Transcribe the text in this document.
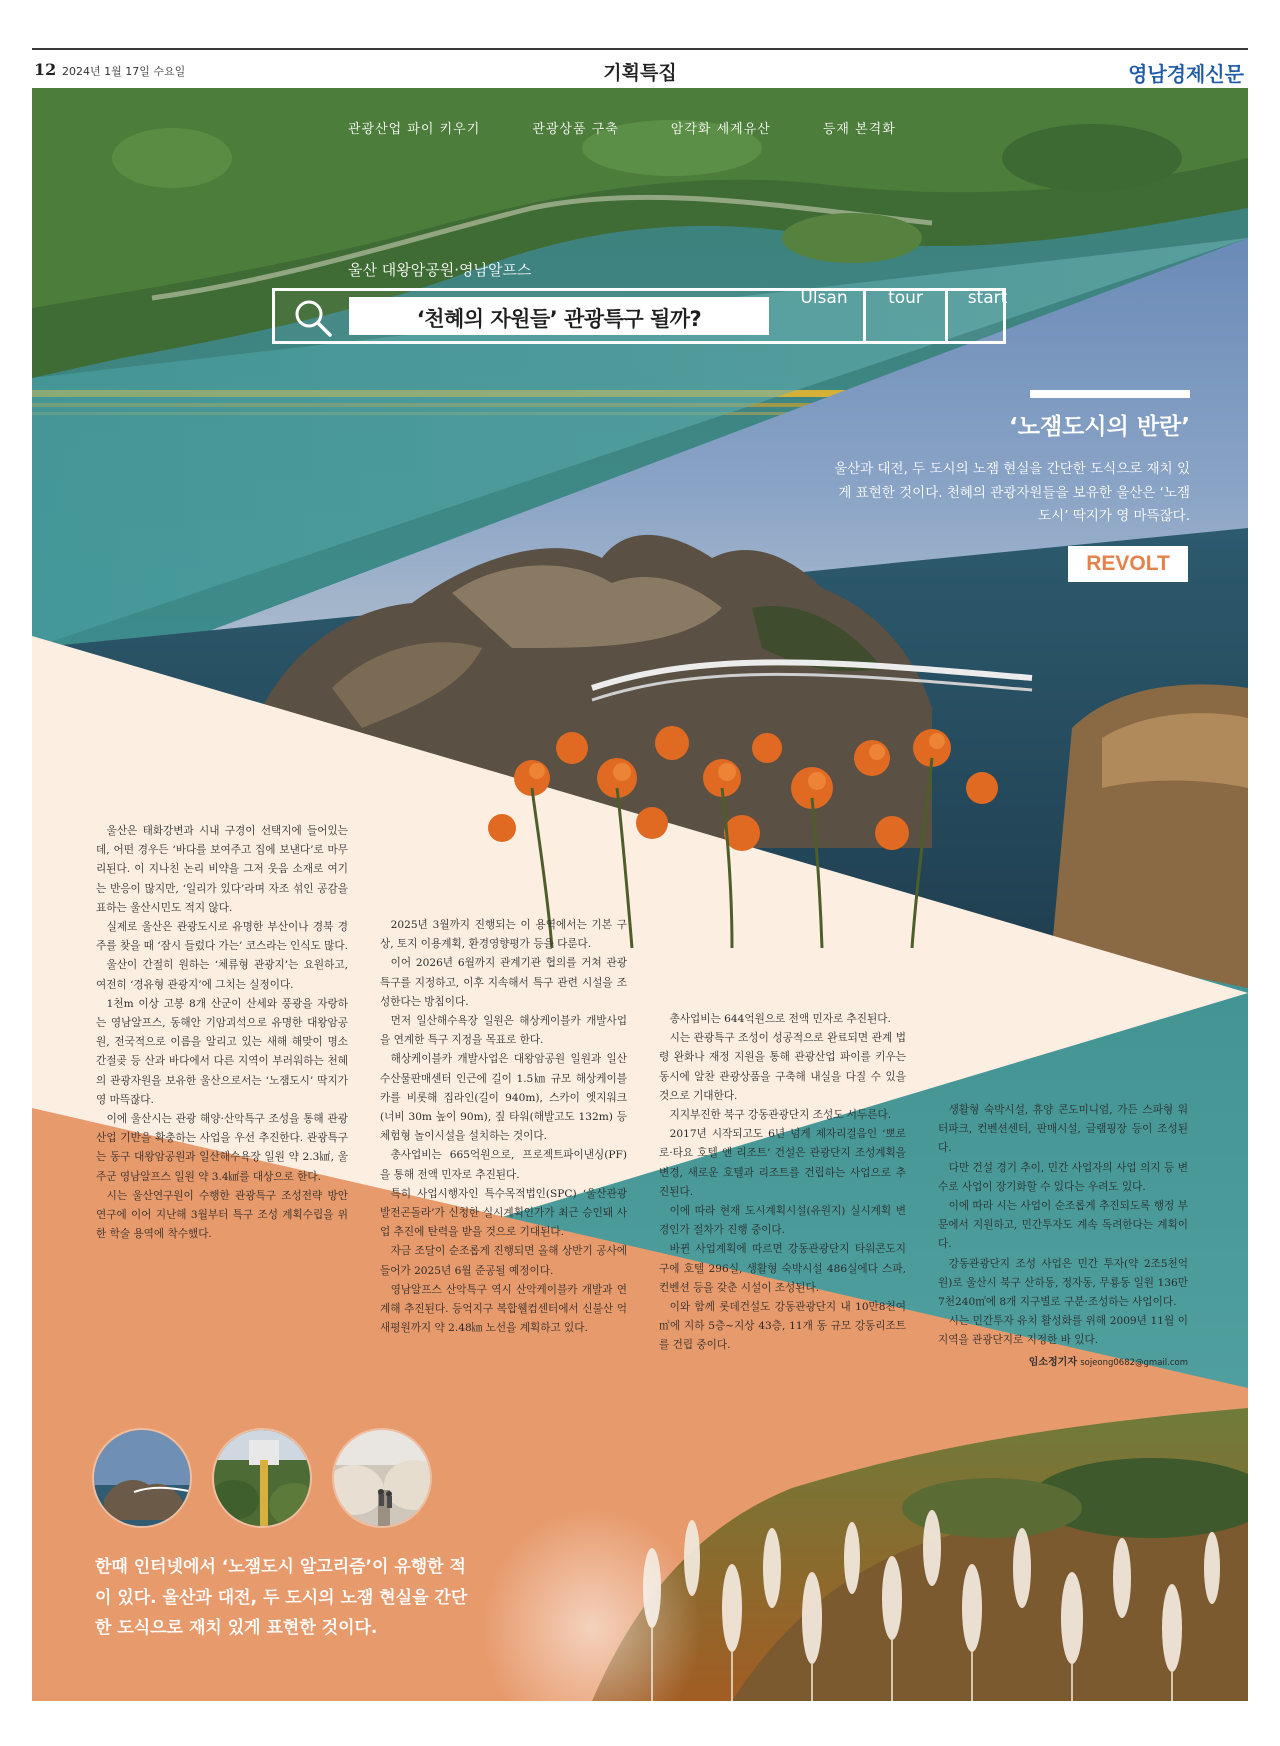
12 2024년 1월 17일 수요일	기획특집	영남경제신문
관광산업 파이 키우기	관광상품 구축	암각화 세계유산	등재 본격화
울산 대왕암공원·영남알프스
‘천혜의 자원들’ 관광특구 될까?
Ulsan	tour	start
‘노잼도시의 반란’
울산과 대전, 두 도시의 노잼 현실을 간단한 도식으로 재치 있게 표현한 것이다. 천혜의 관광자원들을 보유한 울산은 ‘노잼도시’ 딱지가 영 마뜩잖다.
REVOLT

울산은 태화강변과 시내 구경이 선택지에 들어있는데, 어떤 경우든 ‘바다를 보여주고 집에 보낸다’로 마무리된다. 이 지나친 논리 비약을 그저 웃음 소재로 여기는 반응이 많지만, ‘일리가 있다’라며 자조 섞인 공감을 표하는 울산시민도 적지 않다.

실제로 울산은 관광도시로 유명한 부산이나 경북 경주를 찾을 때 ‘잠시 들렀다 가는’ 코스라는 인식도 많다.

울산이 간절히 원하는 ‘체류형 관광지’는 요원하고, 여전히 ‘경유형 관광지’에 그치는 실정이다.

1천m 이상 고봉 8개 산군이 산세와 풍광을 자랑하는 영남알프스, 동해안 기암괴석으로 유명한 대왕암공원, 전국적으로 이름을 알리고 있는 새해 해맞이 명소 간절곶 등 산과 바다에서 다른 지역이 부러워하는 천혜의 관광자원을 보유한 울산으로서는 ‘노잼도시’ 딱지가 영 마뜩잖다.

이에 울산시는 관광 해양·산악특구 조성을 통해 관광산업 기반을 확충하는 사업을 우선 추진한다. 관광특구는 동구 대왕암공원과 일산해수욕장 일원 약 2.3㎢, 울주군 영남알프스 일원 약 3.4㎢를 대상으로 한다.

시는 울산연구원이 수행한 관광특구 조성전략 방안 연구에 이어 지난해 3월부터 특구 조성 계획수립을 위한 학술 용역에 착수했다.

2025년 3월까지 진행되는 이 용역에서는 기본 구상, 토지 이용계획, 환경영향평가 등을 다룬다.

이어 2026년 6월까지 관계기관 협의를 거쳐 관광특구를 지정하고, 이후 지속해서 특구 관련 시설을 조성한다는 방침이다.

먼저 일산해수욕장 일원은 해상케이블카 개발사업을 연계한 특구 지정을 목표로 한다.

해상케이블카 개발사업은 대왕암공원 일원과 일산수산물판매센터 인근에 길이 1.5㎞ 규모 해상케이블카를 비롯해 집라인(길이 940m), 스카이 엣지워크(너비 30m 높이 90m), 짚 타워(해발고도 132m) 등 체험형 놀이시설을 설치하는 것이다.

총사업비는 665억원으로, 프로젝트파이낸싱(PF)을 통해 전액 민자로 추진된다.

특히 사업시행자인 특수목적법인(SPC) ‘울산관광발전곤돌라’가 신청한 실시계획인가가 최근 승인돼 사업 추진에 탄력을 받을 것으로 기대된다.

자금 조달이 순조롭게 진행되면 올해 상반기 공사에 들어가 2025년 6월 준공될 예정이다.

영남알프스 산악특구 역시 산악케이블카 개발과 연계해 추진된다. 등억지구 복합웰컴센터에서 신불산 억새평원까지 약 2.48㎞ 노선을 계획하고 있다.

총사업비는 644억원으로 전액 민자로 추진된다.

시는 관광특구 조성이 성공적으로 완료되면 관계 법령 완화나 재정 지원을 통해 관광산업 파이를 키우는 동시에 알찬 관광상품을 구축해 내실을 다질 수 있을 것으로 기대한다.

지지부진한 북구 강동관광단지 조성도 서두른다.

2017년 시작되고도 6년 넘게 제자리걸음인 ‘뽀로로·타요 호텔 앤 리조트’ 건설은 관광단지 조성계획을 변경, 새로운 호텔과 리조트를 건립하는 사업으로 추진된다.

이에 따라 현재 도시계획시설(유원지) 실시계획 변경인가 절차가 진행 중이다.

바뀐 사업계획에 따르면 강동관광단지 타워콘도지구에 호텔 296실, 생활형 숙박시설 486실에다 스파, 컨벤션 등을 갖춘 시설이 조성된다.

이와 함께 롯데건설도 강동관광단지 내 10만8천여㎡에 지하 5층~지상 43층, 11개 동 규모 강동리조트를 건립 중이다.

생활형 숙박시설, 휴양 콘도미니엄, 가든 스파형 워터파크, 컨벤션센터, 판매시설, 글램핑장 등이 조성된다.

다만 건설 경기 추이, 민간 사업자의 사업 의지 등 변수로 사업이 장기화할 수 있다는 우려도 있다.

이에 따라 시는 사업이 순조롭게 추진되도록 행정 부문에서 지원하고, 민간투자도 계속 독려한다는 계획이다.

강동관광단지 조성 사업은 민간 투자(약 2조5천억원)로 울산시 북구 산하동, 정자동, 무룡동 일원 136만7천240㎡에 8개 지구별로 구분·조성하는 사업이다.

시는 민간투자 유치 활성화를 위해 2009년 11월 이 지역을 관광단지로 지정한 바 있다.

임소정기자 sojeong0682@gmail.com
한때 인터넷에서 ‘노잼도시 알고리즘’이 유행한 적이 있다. 울산과 대전, 두 도시의 노잼 현실을 간단한 도식으로 재치 있게 표현한 것이다.
